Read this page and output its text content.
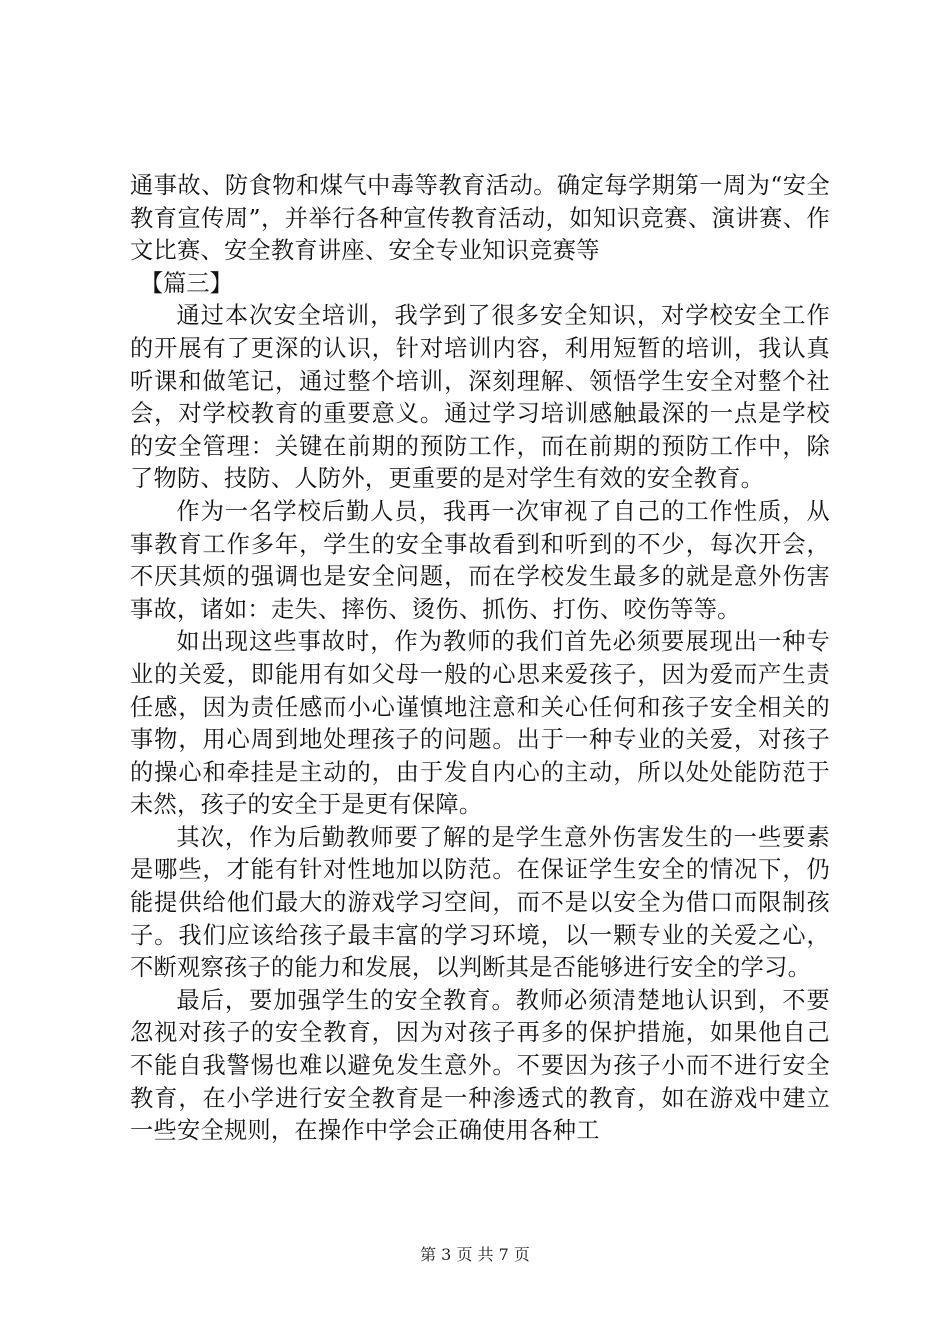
通事故、防食物和煤气中毒等教育活动。确定每学期第一周为“安全教育宣传周”，并举行各种宣传教育活动，如知识竞赛、演讲赛、作文比赛、安全教育讲座、安全专业知识竞赛等

【篇三】

通过本次安全培训，我学到了很多安全知识，对学校安全工作的开展有了更深的认识，针对培训内容，利用短暂的培训，我认真听课和做笔记，通过整个培训，深刻理解、领悟学生安全对整个社会，对学校教育的重要意义。通过学习培训感触最深的一点是学校的安全管理：关键在前期的预防工作，而在前期的预防工作中，除了物防、技防、人防外，更重要的是对学生有效的安全教育。

作为一名学校后勤人员，我再一次审视了自己的工作性质，从事教育工作多年，学生的安全事故看到和听到的不少，每次开会，不厌其烦的强调也是安全问题，而在学校发生最多的就是意外伤害事故，诸如：走失、摔伤、烫伤、抓伤、打伤、咬伤等等。

如出现这些事故时，作为教师的我们首先必须要展现出一种专业的关爱，即能用有如父母一般的心思来爱孩子，因为爱而产生责任感，因为责任感而小心谨慎地注意和关心任何和孩子安全相关的事物，用心周到地处理孩子的问题。出于一种专业的关爱，对孩子的操心和牵挂是主动的，由于发自内心的主动，所以处处能防范于未然，孩子的安全于是更有保障。

其次，作为后勤教师要了解的是学生意外伤害发生的一些要素是哪些，才能有针对性地加以防范。在保证学生安全的情况下，仍能提供给他们最大的游戏学习空间，而不是以安全为借口而限制孩子。我们应该给孩子最丰富的学习环境，以一颗专业的关爱之心，不断观察孩子的能力和发展，以判断其是否能够进行安全的学习。

最后，要加强学生的安全教育。教师必须清楚地认识到，不要忽视对孩子的安全教育，因为对孩子再多的保护措施，如果他自己不能自我警惕也难以避免发生意外。不要因为孩子小而不进行安全教育，在小学进行安全教育是一种渗透式的教育，如在游戏中建立一些安全规则，在操作中学会正确使用各种工

第 3 页 共 7 页
